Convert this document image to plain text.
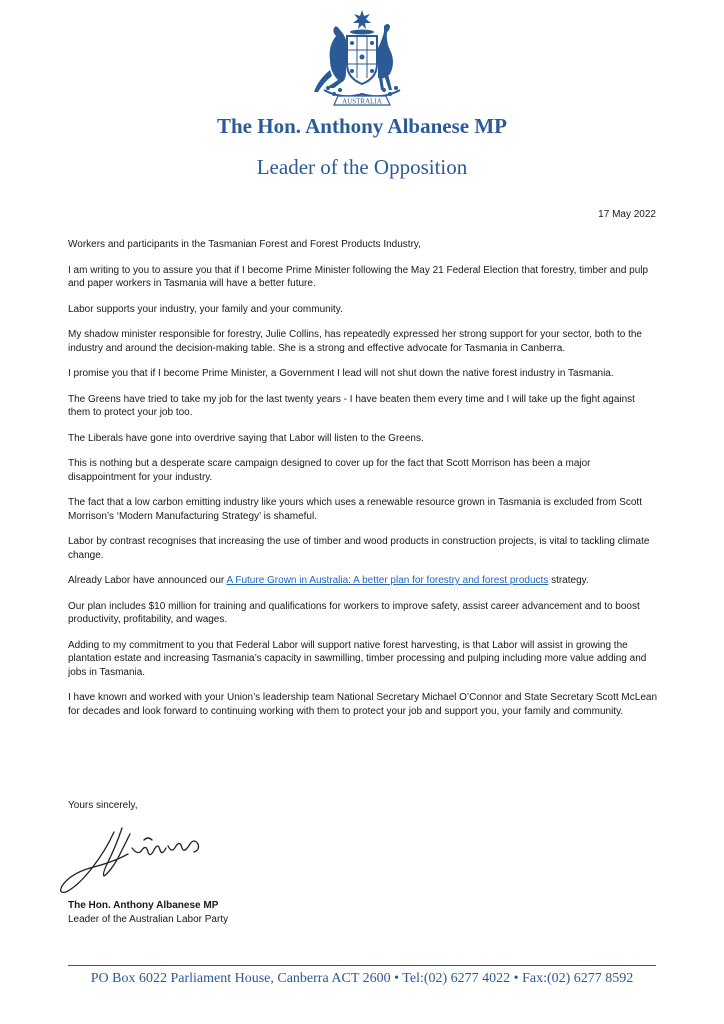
AUSTRALIA
The Hon. Anthony Albanese MP
Leader of the Opposition
17 May 2022

Workers and participants in the Tasmanian Forest and Forest Products Industry,

I am writing to you to assure you that if I become Prime Minister following the May 21 Federal Election that forestry, timber and pulp and paper workers in Tasmania will have a better future.

Labor supports your industry, your family and your community.

My shadow minister responsible for forestry, Julie Collins, has repeatedly expressed her strong support for your sector, both to the industry and around the decision-making table. She is a strong and effective advocate for Tasmania in Canberra.

I promise you that if I become Prime Minister, a Government I lead will not shut down the native forest industry in Tasmania.

The Greens have tried to take my job for the last twenty years - I have beaten them every time and I will take up the fight against them to protect your job too.

The Liberals have gone into overdrive saying that Labor will listen to the Greens.

This is nothing but a desperate scare campaign designed to cover up for the fact that Scott Morrison has been a major disappointment for your industry.

The fact that a low carbon emitting industry like yours which uses a renewable resource grown in Tasmania is excluded from Scott Morrison’s ‘Modern Manufacturing Strategy’ is shameful.

Labor by contrast recognises that increasing the use of timber and wood products in construction projects, is vital to tackling climate change.

Already Labor have announced our A Future Grown in Australia: A better plan for forestry and forest products strategy.

Our plan includes $10 million for training and qualifications for workers to improve safety, assist career advancement and to boost productivity, profitability, and wages.

Adding to my commitment to you that Federal Labor will support native forest harvesting, is that Labor will assist in growing the plantation estate and increasing Tasmania’s capacity in sawmilling, timber processing and pulping including more value adding and jobs in Tasmania.

I have known and worked with your Union’s leadership team National Secretary Michael O’Connor and State Secretary Scott McLean for decades and look forward to continuing working with them to protect your job and support you, your family and community.

Yours sincerely,
The Hon. Anthony Albanese MP
Leader of the Australian Labor Party
PO Box 6022 Parliament House, Canberra ACT 2600 • Tel:(02) 6277 4022 • Fax:(02) 6277 8592
